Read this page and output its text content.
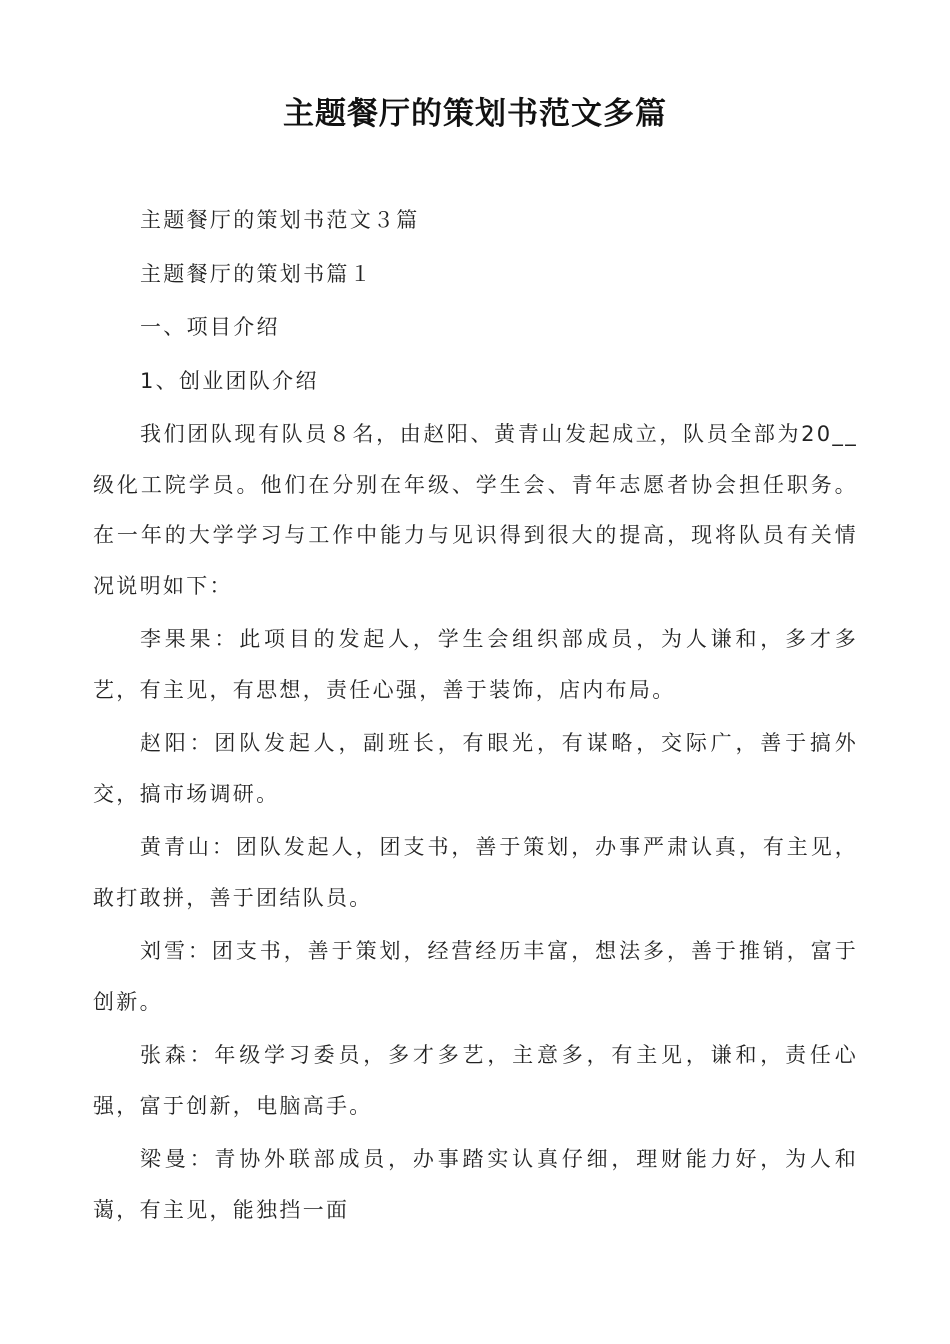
主题餐厅的策划书范文多篇

主题餐厅的策划书范文３篇

主题餐厅的策划书篇１

一、项目介绍

1、创业团队介绍

我们团队现有队员８名，由赵阳、黄青山发起成立，队员全部为20__级化工院学员。他们在分别在年级、学生会、青年志愿者协会担任职务。在一年的大学学习与工作中能力与见识得到很大的提高，现将队员有关情况说明如下：

李果果：此项目的发起人，学生会组织部成员，为人谦和，多才多艺，有主见，有思想，责任心强，善于装饰，店内布局。

赵阳：团队发起人，副班长，有眼光，有谋略，交际广，善于搞外交，搞市场调研。

黄青山：团队发起人，团支书，善于策划，办事严肃认真，有主见，敢打敢拼，善于团结队员。

刘雪：团支书，善于策划，经营经历丰富，想法多，善于推销，富于创新。

张森：年级学习委员，多才多艺，主意多，有主见，谦和，责任心强，富于创新，电脑高手。

梁曼：青协外联部成员，办事踏实认真仔细，理财能力好，为人和蔼，有主见，能独挡一面
